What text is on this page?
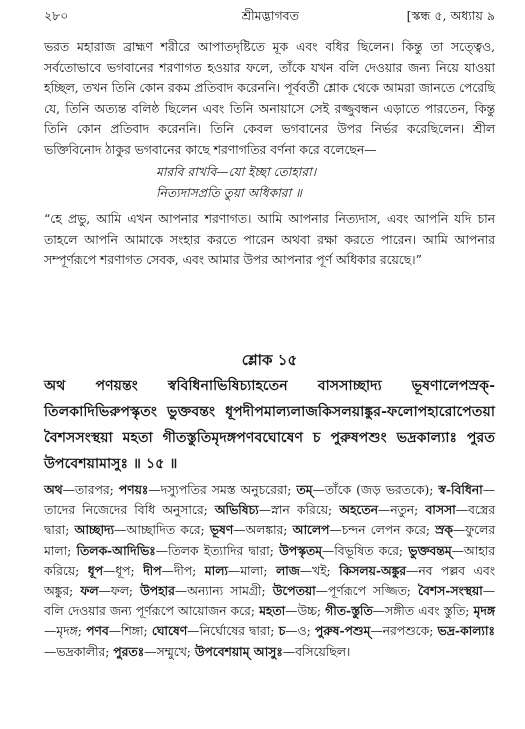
২৮০	শ্রীমদ্ভাগবত	[স্কন্ধ ৫, অধ্যায় ৯

ভরত মহারাজ ব্রাহ্মণ শরীরে আপাতদৃষ্টিতে মূক এবং বধির ছিলেন। কিন্তু তা সত্ত্বেও, সর্বতোভাবে ভগবানের শরণাগত হওয়ার ফলে, তাঁকে যখন বলি দেওয়ার জন্য নিয়ে যাওয়া হচ্ছিল, তখন তিনি কোন রকম প্রতিবাদ করেননি। পূর্ববর্তী শ্লোক থেকে আমরা জানতে পেরেছি যে, তিনি অত্যন্ত বলিষ্ঠ ছিলেন এবং তিনি অনায়াসে সেই রজ্জুবন্ধন এড়াতে পারতেন, কিন্তু তিনি কোন প্রতিবাদ করেননি। তিনি কেবল ভগবানের উপর নির্ভর করেছিলেন। শ্রীল ভক্তিবিনোদ ঠাকুর ভগবানের কাছে শরণাগতির বর্ণনা করে বলেছেন—

মারবি রাখবি—যো ইচ্ছা তোহারা।
নিত্যদাসপ্রতি তুয়া অধিকারা ॥

“হে প্রভু, আমি এখন আপনার শরণাগত। আমি আপনার নিত্যদাস, এবং আপনি যদি চান তাহলে আপনি আমাকে সংহার করতে পারেন অথবা রক্ষা করতে পারেন। আমি আপনার সম্পূর্ণরূপে শরণাগত সেবক, এবং আমার উপর আপনার পূর্ণ অধিকার রয়েছে।”

শ্লোক ১৫
অথ পণয়ন্তং স্ববিধিনাভিষিচ্যাহতেন বাসসাচ্ছাদ্য ভূষণালেপস্রক্‌-তিলকাদিভিরুপস্কৃতং ভুক্তবন্তং ধূপদীপমাল্যলাজকিসলয়াঙ্কুর-ফলোপহারোপেতয়া বৈশসসংস্থয়া মহতা গীতস্তুতিমৃদঙ্গপণবঘোষেণ চ পুরুষপশুং ভদ্রকাল্যাঃ পুরত উপবেশয়ামাসুঃ ॥ ১৫ ॥
অথ—তারপর; পণয়ঃ—দস্যুপতির সমস্ত অনুচরেরা; তম্‌—তাঁকে (জড় ভরতকে); স্ব-বিধিনা—তাদের নিজেদের বিধি অনুসারে; অভিষিচ্য—স্নান করিয়ে; অহতেন—নতুন; বাসসা—বস্ত্রের দ্বারা; আচ্ছাদ্য—আচ্ছাদিত করে; ভূষণ—অলঙ্কার; আলেপ—চন্দন লেপন করে; স্রক্‌—ফুলের মালা; তিলক-আদিভিঃ—তিলক ইত্যাদির দ্বারা; উপস্কৃতম্‌—বিভূষিত করে; ভুক্তবন্তম্‌—আহার করিয়ে; ধূপ—ধূপ; দীপ—দীপ; মাল্য—মালা; লাজ—খই; কিসলয়-অঙ্কুর—নব পল্লব এবং অঙ্কুর; ফল—ফল; উপহার—অন্যান্য সামগ্রী; উপেতয়া—পূর্ণরূপে সজ্জিত; বৈশস-সংস্থয়া—বলি দেওয়ার জন্য পূর্ণরূপে আয়োজন করে; মহতা—উচ্চ; গীত-স্তুতি—সঙ্গীত এবং স্তুতি; মৃদঙ্গ—মৃদঙ্গ; পণব—শিঙ্গা; ঘোষেণ—নির্ঘোষের দ্বারা; চ—ও; পুরুষ-পশুম্‌—নরপশুকে; ভদ্র-কাল্যাঃ—ভদ্রকালীর; পুরতঃ—সম্মুখে; উপবেশয়াম্‌ আসুঃ—বসিয়েছিল।
